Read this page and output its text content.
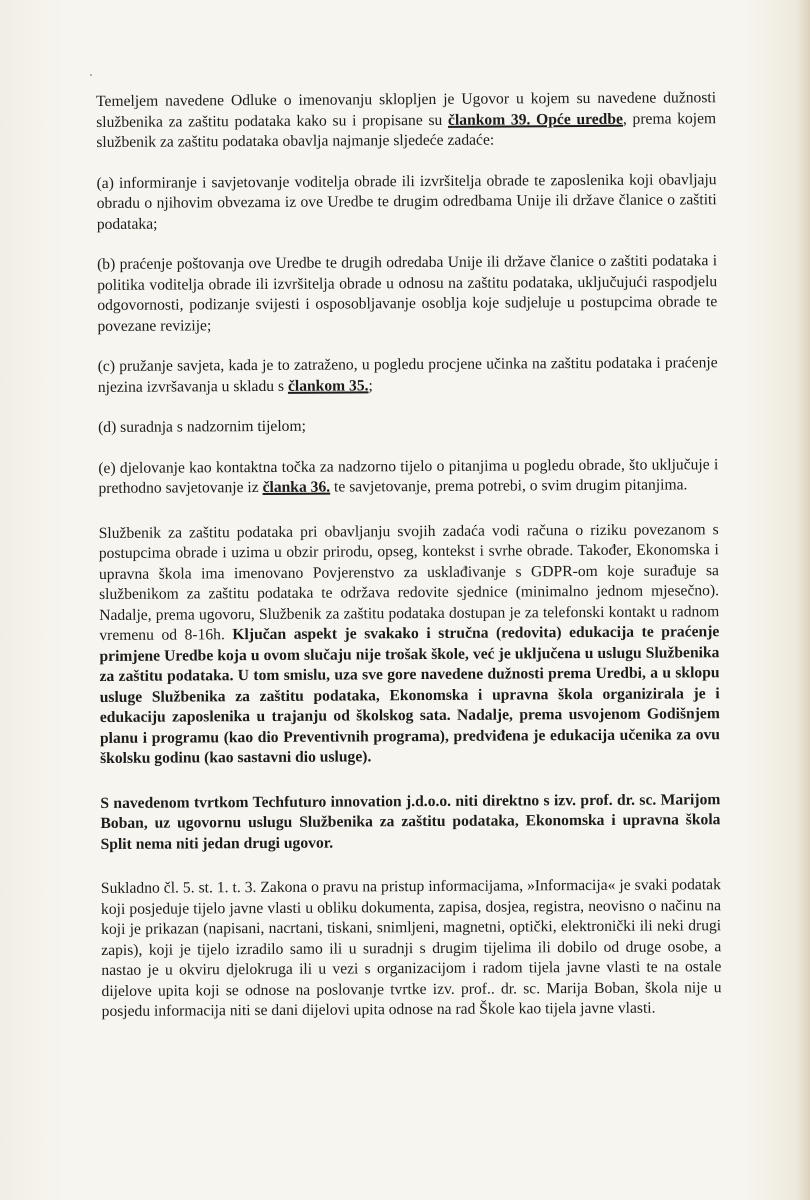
Temeljem navedene Odluke o imenovanju sklopljen je Ugovor u kojem su navedene dužnosti službenika za zaštitu podataka kako su i propisane su člankom 39. Opće uredbe, prema kojem službenik za zaštitu podataka obavlja najmanje sljedeće zadaće:

(a) informiranje i savjetovanje voditelja obrade ili izvršitelja obrade te zaposlenika koji obavljaju obradu o njihovim obvezama iz ove Uredbe te drugim odredbama Unije ili države članice o zaštiti podataka;

(b) praćenje poštovanja ove Uredbe te drugih odredaba Unije ili države članice o zaštiti podataka i politika voditelja obrade ili izvršitelja obrade u odnosu na zaštitu podataka, uključujući raspodjelu odgovornosti, podizanje svijesti i osposobljavanje osoblja koje sudjeluje u postupcima obrade te povezane revizije;

(c) pružanje savjeta, kada je to zatraženo, u pogledu procjene učinka na zaštitu podataka i praćenje njezina izvršavanja u skladu s člankom 35.;

(d) suradnja s nadzornim tijelom;

(e) djelovanje kao kontaktna točka za nadzorno tijelo o pitanjima u pogledu obrade, što uključuje i prethodno savjetovanje iz članka 36. te savjetovanje, prema potrebi, o svim drugim pitanjima.

Službenik za zaštitu podataka pri obavljanju svojih zadaća vodi računa o riziku povezanom s postupcima obrade i uzima u obzir prirodu, opseg, kontekst i svrhe obrade. Također, Ekonomska i upravna škola ima imenovano Povjerenstvo za usklađivanje s GDPR-om koje surađuje sa službenikom za zaštitu podataka te održava redovite sjednice (minimalno jednom mjesečno). Nadalje, prema ugovoru, Službenik za zaštitu podataka dostupan je za telefonski kontakt u radnom vremenu od 8-16h. Ključan aspekt je svakako i stručna (redovita) edukacija te praćenje primjene Uredbe koja u ovom slučaju nije trošak škole, već je uključena u uslugu Službenika za zaštitu podataka. U tom smislu, uza sve gore navedene dužnosti prema Uredbi, a u sklopu usluge Službenika za zaštitu podataka, Ekonomska i upravna škola organizirala je i edukaciju zaposlenika u trajanju od školskog sata. Nadalje, prema usvojenom Godišnjem planu i programu (kao dio Preventivnih programa), predviđena je edukacija učenika za ovu školsku godinu (kao sastavni dio usluge).

S navedenom tvrtkom Techfuturo innovation j.d.o.o. niti direktno s izv. prof. dr. sc. Marijom Boban, uz ugovornu uslugu Službenika za zaštitu podataka, Ekonomska i upravna škola Split nema niti jedan drugi ugovor.

Sukladno čl. 5. st. 1. t. 3. Zakona o pravu na pristup informacijama, »Informacija« je svaki podatak koji posjeduje tijelo javne vlasti u obliku dokumenta, zapisa, dosjea, registra, neovisno o načinu na koji je prikazan (napisani, nacrtani, tiskani, snimljeni, magnetni, optički, elektronički ili neki drugi zapis), koji je tijelo izradilo samo ili u suradnji s drugim tijelima ili dobilo od druge osobe, a nastao je u okviru djelokruga ili u vezi s organizacijom i radom tijela javne vlasti te na ostale dijelove upita koji se odnose na poslovanje tvrtke izv. prof.. dr. sc. Marija Boban, škola nije u posjedu informacija niti se dani dijelovi upita odnose na rad Škole kao tijela javne vlasti.
